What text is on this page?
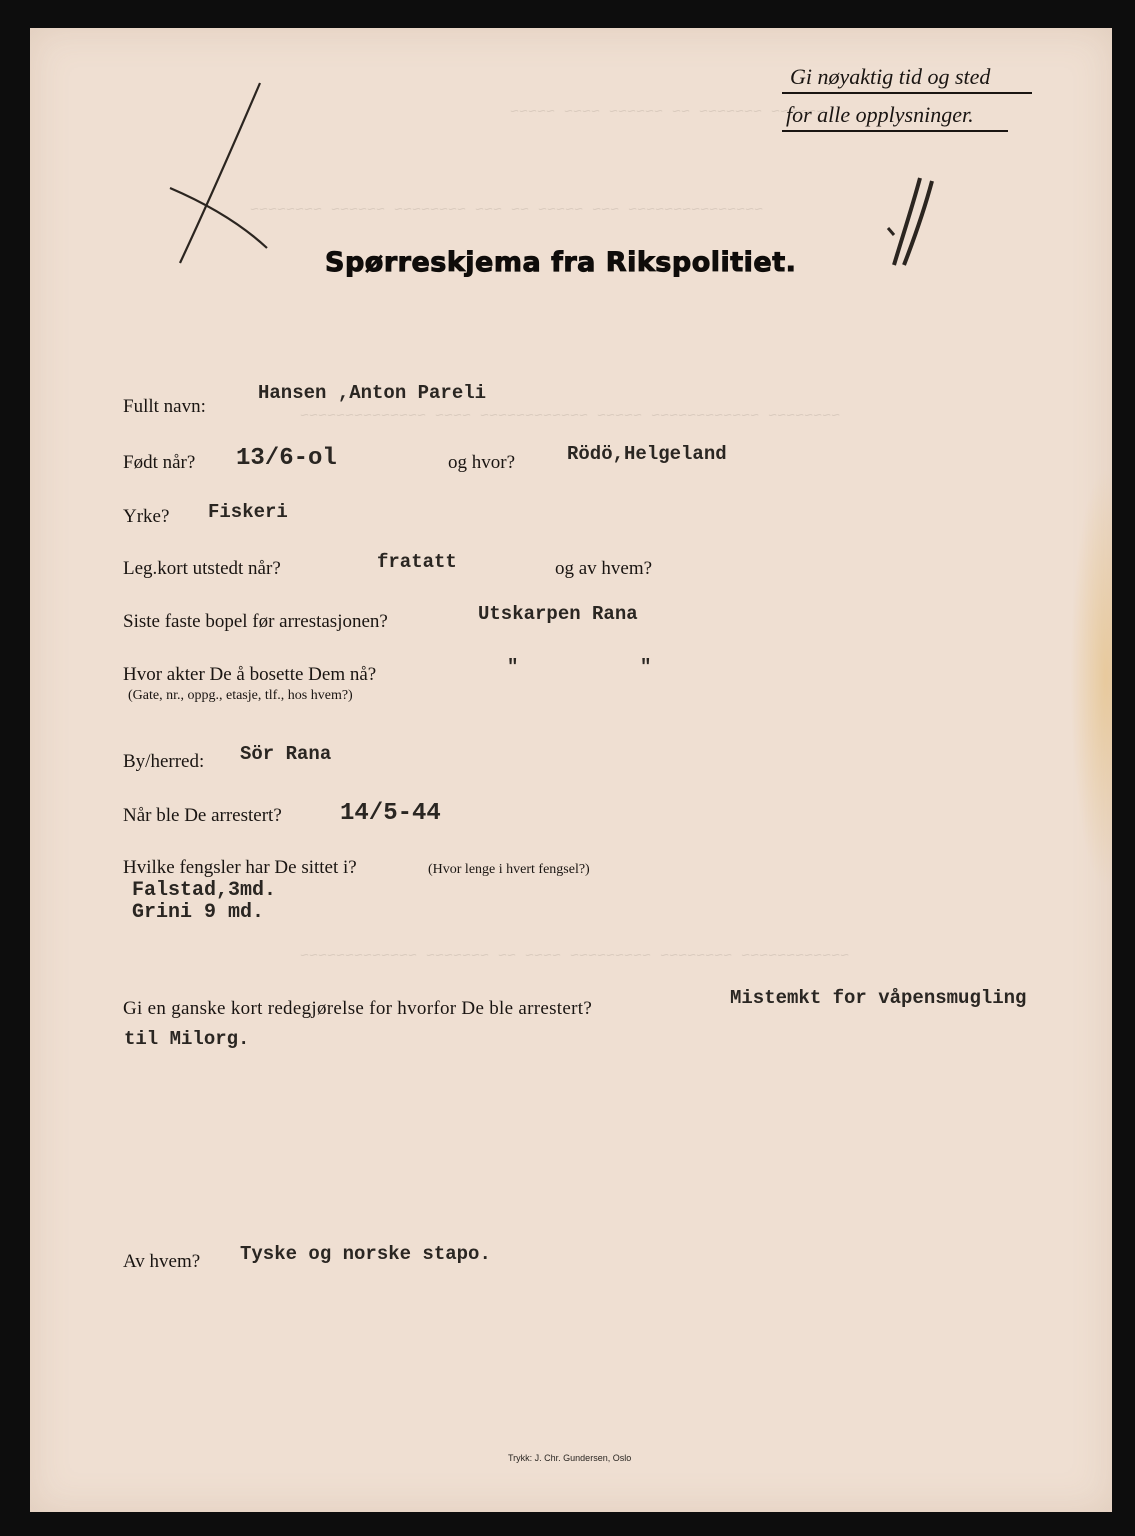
~~~~~~ ~~~~~~~ ~~ ~~~~~~ ~~~~ ~~~~~
~~~~~~~~~~~~~~~ ~~~ ~~~~~ ~~ ~~~ ~~~~~~~~ ~~~~~~ ~~~~~~~~
~~~~~~~~ ~~~~~~~~~~~~ ~~~~~ ~~~~~~~~~~~~ ~~~~ ~~~~~~~~~~~~~~
~~~~~~~~~~~~ ~~~~~~~~ ~~~~~~~~~ ~~~~ ~~ ~~~~~~~ ~~~~~~~~~~~~~
Gi nøyaktig tid og sted
for alle opplysninger.
Spørreskjema fra Rikspolitiet.
Fullt navn:
Hansen ,Anton Pareli
Født når? 13/6-ol	og hvor?	Rödö,Helgeland
Yrke? Fiskeri
Leg.kort utstedt når?	fratatt	og av hvem?
Siste faste bopel før arrestasjonen?	Utskarpen Rana
Hvor akter De å bosette Dem nå?
(Gate, nr., oppg., etasje, tlf., hos hvem?)
"	"
By/herred: Sör Rana
Når ble De arrestert? 14/5-44
Hvilke fengsler har De sittet i?	(Hvor lenge i hvert fengsel?)
Falstad,3md.
Grini 9 md.
Gi en ganske kort redegjørelse for hvorfor De ble arrestert?	Mistemkt for våpensmugling
til Milorg.
Av hvem? Tyske og norske stapo.
Trykk: J. Chr. Gundersen, Oslo
